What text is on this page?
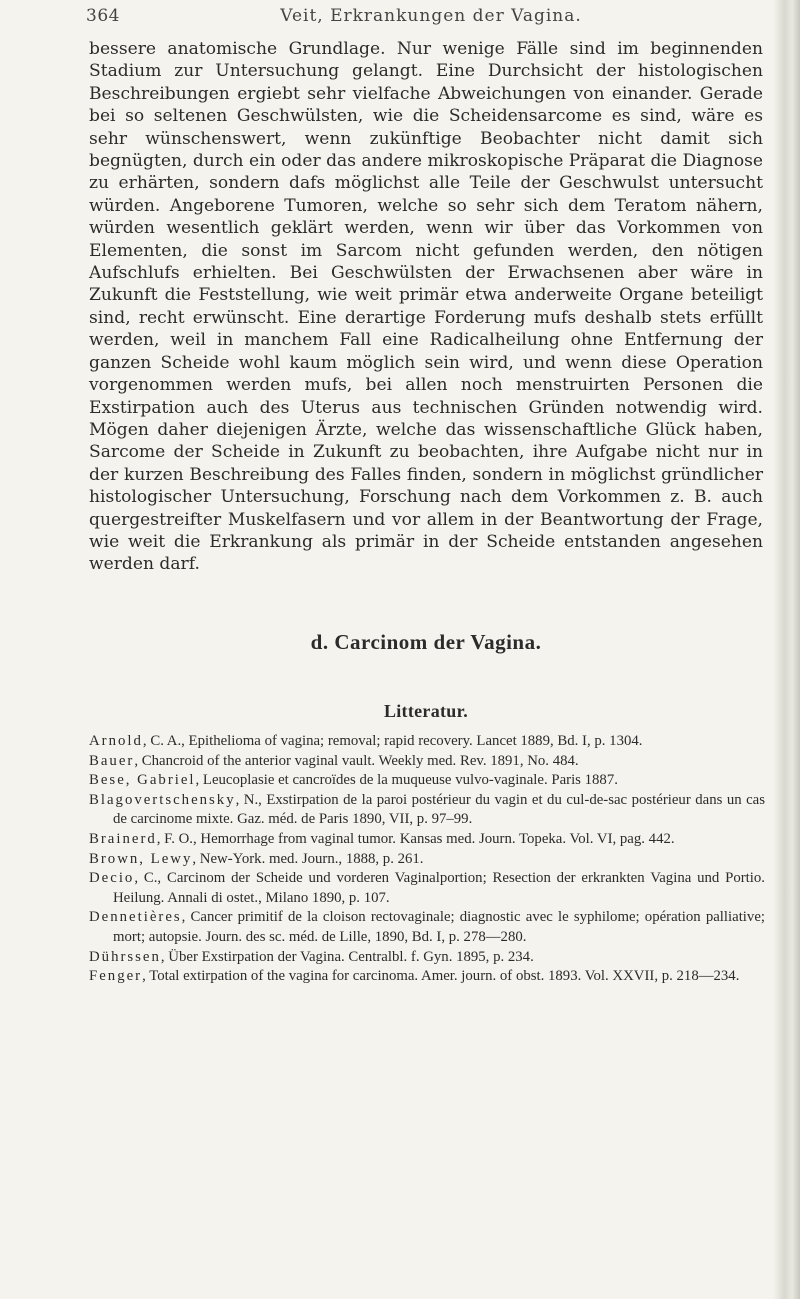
364	Veit, Erkrankungen der Vagina.

bessere anatomische Grundlage. Nur wenige Fälle sind im beginnenden Stadium zur Untersuchung gelangt. Eine Durchsicht der histologischen Beschreibungen ergiebt sehr vielfache Abweichungen von einander. Gerade bei so seltenen Geschwülsten, wie die Scheidensarcome es sind, wäre es sehr wünschenswert, wenn zukünftige Beobachter nicht damit sich begnügten, durch ein oder das andere mikroskopische Präparat die Diagnose zu erhärten, sondern dafs möglichst alle Teile der Geschwulst untersucht würden. Angeborene Tumoren, welche so sehr sich dem Teratom nähern, würden wesentlich geklärt werden, wenn wir über das Vorkommen von Elementen, die sonst im Sarcom nicht gefunden werden, den nötigen Aufschlufs erhielten. Bei Geschwülsten der Erwachsenen aber wäre in Zukunft die Feststellung, wie weit primär etwa anderweite Organe beteiligt sind, recht erwünscht. Eine derartige Forderung mufs deshalb stets erfüllt werden, weil in manchem Fall eine Radicalheilung ohne Entfernung der ganzen Scheide wohl kaum möglich sein wird, und wenn diese Operation vorgenommen werden mufs, bei allen noch menstruirten Personen die Exstirpation auch des Uterus aus technischen Gründen notwendig wird. Mögen daher diejenigen Ärzte, welche das wissenschaftliche Glück haben, Sarcome der Scheide in Zukunft zu beobachten, ihre Aufgabe nicht nur in der kurzen Beschreibung des Falles finden, sondern in möglichst gründlicher histologischer Untersuchung, Forschung nach dem Vorkommen z. B. auch quergestreifter Muskelfasern und vor allem in der Beantwortung der Frage, wie weit die Erkrankung als primär in der Scheide entstanden angesehen werden darf.

d. Carcinom der Vagina.
Litteratur.

Arnold, C. A., Epithelioma of vagina; removal; rapid recovery. Lancet 1889, Bd. I, p. 1304.

Bauer, Chancroid of the anterior vaginal vault. Weekly med. Rev. 1891, No. 484.

Bese, Gabriel, Leucoplasie et cancroïdes de la muqueuse vulvo-vaginale. Paris 1887.

Blagovertschensky, N., Exstirpation de la paroi postérieur du vagin et du cul-de-sac postérieur dans un cas de carcinome mixte. Gaz. méd. de Paris 1890, VII, p. 97–99.

Brainerd, F. O., Hemorrhage from vaginal tumor. Kansas med. Journ. Topeka. Vol. VI, pag. 442.

Brown, Lewy, New-York. med. Journ., 1888, p. 261.

Decio, C., Carcinom der Scheide und vorderen Vaginalportion; Resection der erkrankten Vagina und Portio. Heilung. Annali di ostet., Milano 1890, p. 107.

Dennetières, Cancer primitif de la cloison rectovaginale; diagnostic avec le syphilome; opération palliative; mort; autopsie. Journ. des sc. méd. de Lille, 1890, Bd. I, p. 278—280.

Dührssen, Über Exstirpation der Vagina. Centralbl. f. Gyn. 1895, p. 234.

Fenger, Total extirpation of the vagina for carcinoma. Amer. journ. of obst. 1893. Vol. XXVII, p. 218—234.
